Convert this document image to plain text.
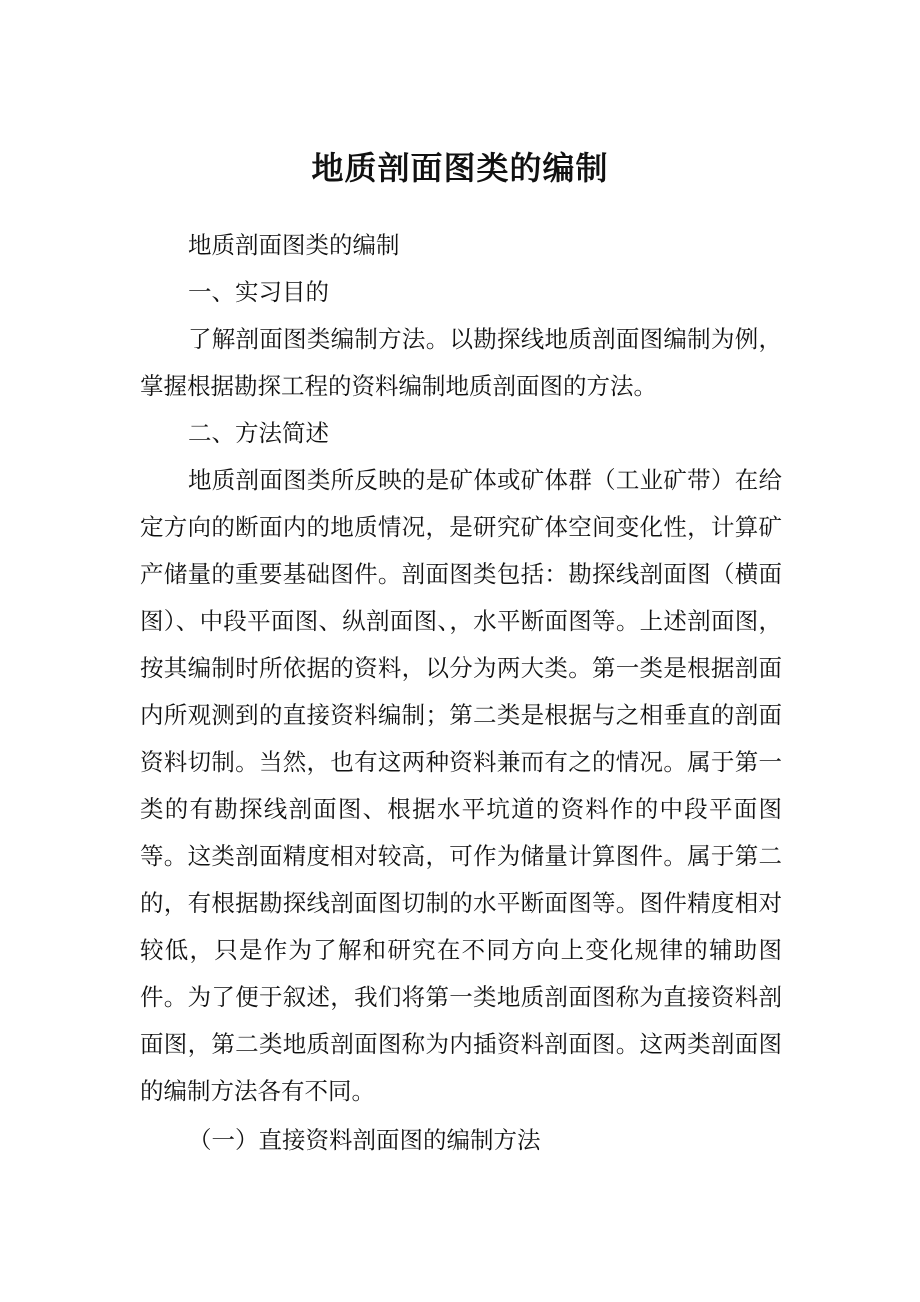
地质剖面图类的编制

地质剖面图类的编制

一、实习目的

了解剖面图类编制方法。以勘探线地质剖面图编制为例，掌握根据勘探工程的资料编制地质剖面图的方法。

二、方法简述

地质剖面图类所反映的是矿体或矿体群（工业矿带）在给定方向的断面内的地质情况，是研究矿体空间变化性，计算矿产储量的重要基础图件。剖面图类包括：勘探线剖面图（横面图）、中段平面图、纵剖面图、，水平断面图等。上述剖面图，按其编制时所依据的资料，以分为两大类。第一类是根据剖面内所观测到的直接资料编制；第二类是根据与之相垂直的剖面资料切制。当然，也有这两种资料兼而有之的情况。属于第一类的有勘探线剖面图、根据水平坑道的资料作的中段平面图等。这类剖面精度相对较高，可作为储量计算图件。属于第二的，有根据勘探线剖面图切制的水平断面图等。图件精度相对较低，只是作为了解和研究在不同方向上变化规律的辅助图件。为了便于叙述，我们将第一类地质剖面图称为直接资料剖面图，第二类地质剖面图称为内插资料剖面图。这两类剖面图的编制方法各有不同。

（一）直接资料剖面图的编制方法
